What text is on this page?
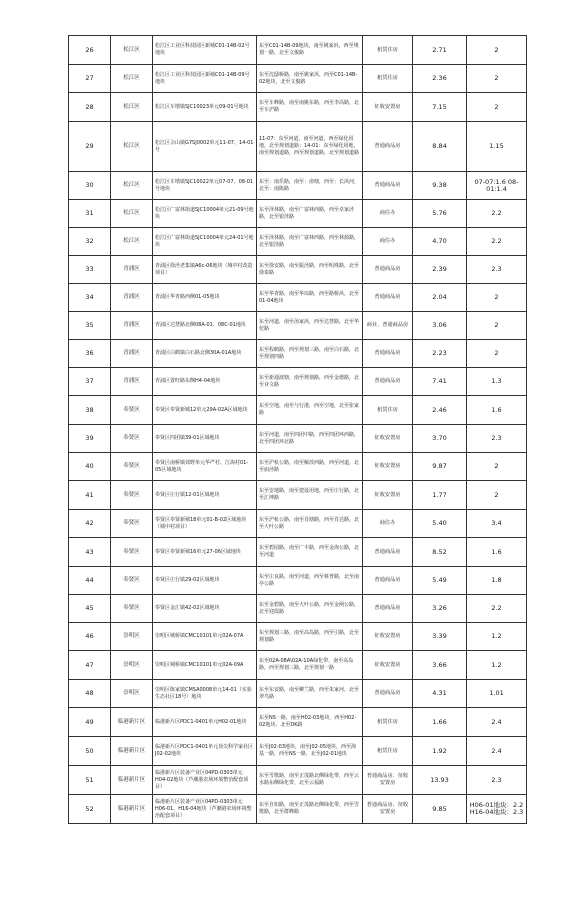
26	松江区	松江区工业区科技园区新城C01-14B-02号地块	东至C01-14B-09地块，南至姚家浜，西至规划一路，北至文俊路	租赁住房	2.71	2
27	松江区	松江区工业区科技园区新城C01-14B-09号地块	东至沈邸桥路，南至姚家浜，西至C01-14B-02地块，北至文俊路	租赁住房	2.36	2
28	松江区	松江区车墩镇SJC10023单元09-01号地块	东至车峰路，南至南姚东路，西至李高路，北至车沪路	征收安置房	7.15	2
29	松江区	松江区佘山镇G7SJ0002单元11-07、14-01号	11-07：东至河道，南至河道，西至绿化用地，北至规划道路；14-01：东至绿化用地，南至规划道路，西至规划道路，北至规划道路	普通商品房	8.84	1.15
30	松江区	松江区车墩镇SJC10022单元07-07、08-01号地块	东至：南乐路，南至：俞塘，西至：长浜河，北至：南陈路	普通商品房	9.38	07-07:1.6 08-01:1.4
31	松江区	松江区广富林街道SJC10004单元21-09号地块	东至泽林路，南至广富林西路，西至卓家泾路，北至银泽路	商住办	5.76	2.2
32	松江区	松江区广富林街道SJC10004单元24-01号地块	东至泽林路，南至广富林西路，西至林源路，北至银泽路	商住办	4.70	2.2
33	青浦区	青浦区徐泾老集镇A6c-06地块（城中村改造项目）	东至徐安路，南至振泾路，西至明珠路，北至徐泰路	普通商品房	2.39	2.3
34	青浦区	青浦区华青路西侧01-05地块	东至华青路，南至华琮路，西至路桥浜，北至01-04地块	普通商品房	2.04	2
35	青浦区	青浦区达慧路北侧08A-01、08C-01地块	东至河道，南至汤家浜，西至达慧路，北至华佗路	商业、普通商品房	3.06	2
36	青浦区	青浦区白鹤镇白石路北侧30A-01A地块	东至程鹤路，西至规划三路，南至白石路，北至规划四路	普通商品房	2.23	2
37	青浦区	青浦区置旺路东侧H4-04地块	东至新通波塘，南至规划路，西至金德路，北至业文路	普通商品房	7.41	1.3
38	奉贤区	奉贤区奉贤新城12单元29A-02A区域地块	东至空地，南至与行港，西至空地，北至张家路	租赁住房	2.46	1.6
39	奉贤区	奉贤区四团镇39-01区域地块	东至河道，南至四团中路，西至四团环西路，北至四团环北路	征收安置房	3.70	2.3
40	奉贤区	奉贤区南桥镇郊野单元华严村、江海村01-05区域地块	东至沪杭公路，南至解放西路，西至河道，北至庙泾路	征收安置房	9.87	2
41	奉贤区	奉贤区庄行镇12-01区域地块	东至安地路，南至建设用地，西至庄行路，北至汇坤路	征收安置房	1.77	2
42	奉贤区	奉贤区奉贤新城18单元01-B-02区域地块（城中村项目）	东至沪杭公路，南至肖塘路，西至肖达路，北至大叶公路	商住办	5.40	3.4
43	奉贤区	奉贤区奉贤新城16单元27-06区域地块	东至碧园路，南至广丰路，西至金海公路，北至河道	普通商品房	8.52	1.6
44	奉贤区	奉贤区庄行镇29-02区域地块	东至庄良路，南至河道，西至蔡普路，北至南亭公路	普通商品房	5.49	1.8
45	奉贤区	奉贤区金汇镇42-02区域地块	东至金碧路，南至大叶公路，西至金闸公路，北至迎霞路	普通商品房	3.26	2.2
46	崇明区	崇明区城桥镇CMC10101单元02A-07A	东至规划三路，南至高岛路，西至引路，北至规划路	征收安置房	3.39	1.2
47	崇明区	崇明区城桥镇CMC10101单元02A-09A	东至02A-08A\02A-10A绿化带，南至高岛路，西至规划三路，北至规划一路	征收安置房	3.66	1.2
48	崇明区	崇明区陈家镇CMSA0008单元14-01（实验生态社区18号）地块	东至东安路，南至柳兰路，西至朱家河，北至翠鸟路	普通商品房	4.31	1.01
49	临港新片区	临港新片区PDC1-0401单元H02-01地块	东至NS一路，南至H02-03地块，西至H02-02地块，北至DK路	租赁住房	1.66	2.4
50	临港新片区	临港新片区PDC1-0401单元顶尖科学家社区J02-02地块	东至J02-03地块，南至J02-05地块，西至海基一路，西至NS一路，北至J02-01地块	租赁住房	1.92	2.4
51	临港新片区	临港新片区装备产业区04PD-0303单元H04-02地块（芦潮港农场环境整治配套项目）	东至雪歌路，南至正茂路北侧绿化带，西至云水路东侧绿化带，北至云福路	普通商品房、征收安置房	13.93	2.3
52	临港新片区	临港新片区装备产业区04PD-0303单元H06-01、H16-04地块（芦潮港农场环境整治配套项目）	东至自如路，南至正茂路北侧绿化带，西至雪歌路，北至群峰路	普通商品房、征收安置房	9.85	H06-01地块：2.2 H16-04地块：2.3
